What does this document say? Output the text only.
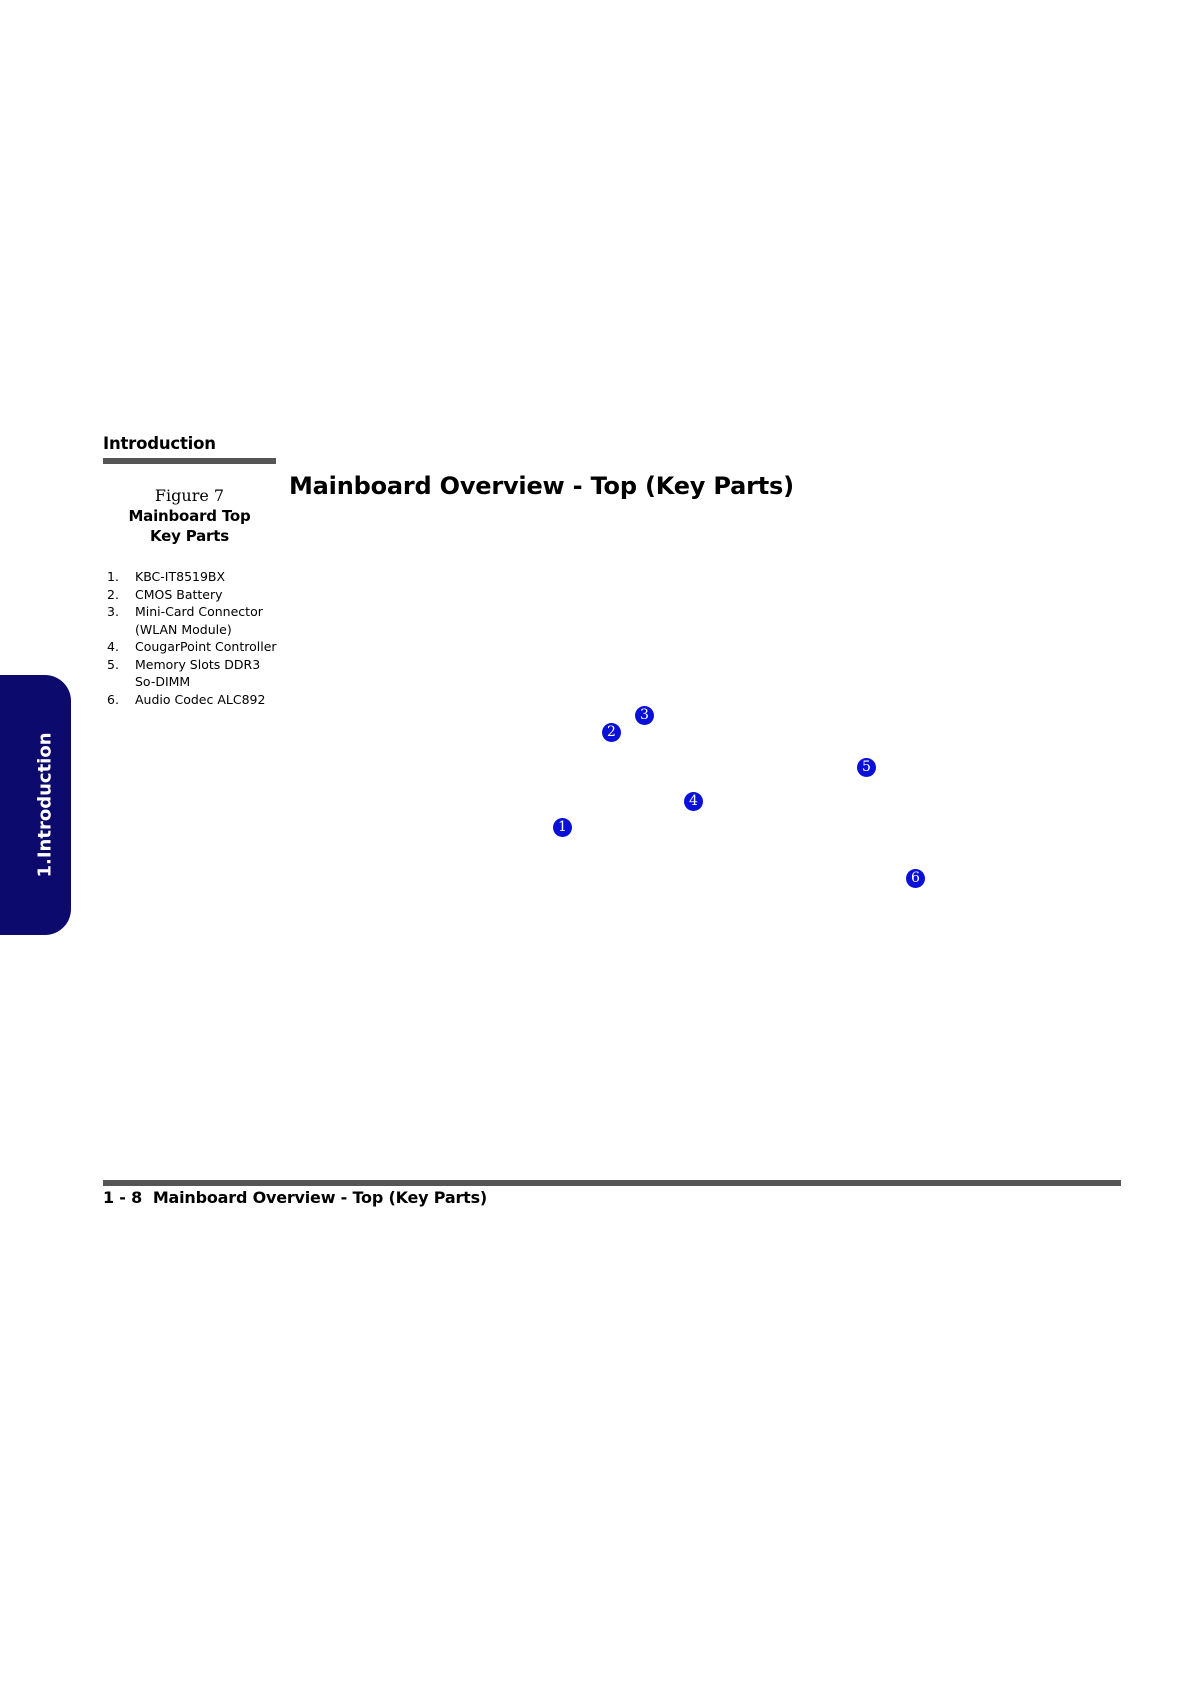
Introduction
Figure 7
Mainboard Top
Key Parts
1.	KBC-IT8519BX
2.	CMOS Battery
3.	Mini-Card Connector (WLAN Module)
4.	CougarPoint Controller
5.	Memory Slots DDR3 So-DIMM
6.	Audio Codec ALC892
Mainboard Overview - Top (Key Parts)
1
2
3
4
5
6
1.Introduction
1 - 8 Mainboard Overview - Top (Key Parts)
